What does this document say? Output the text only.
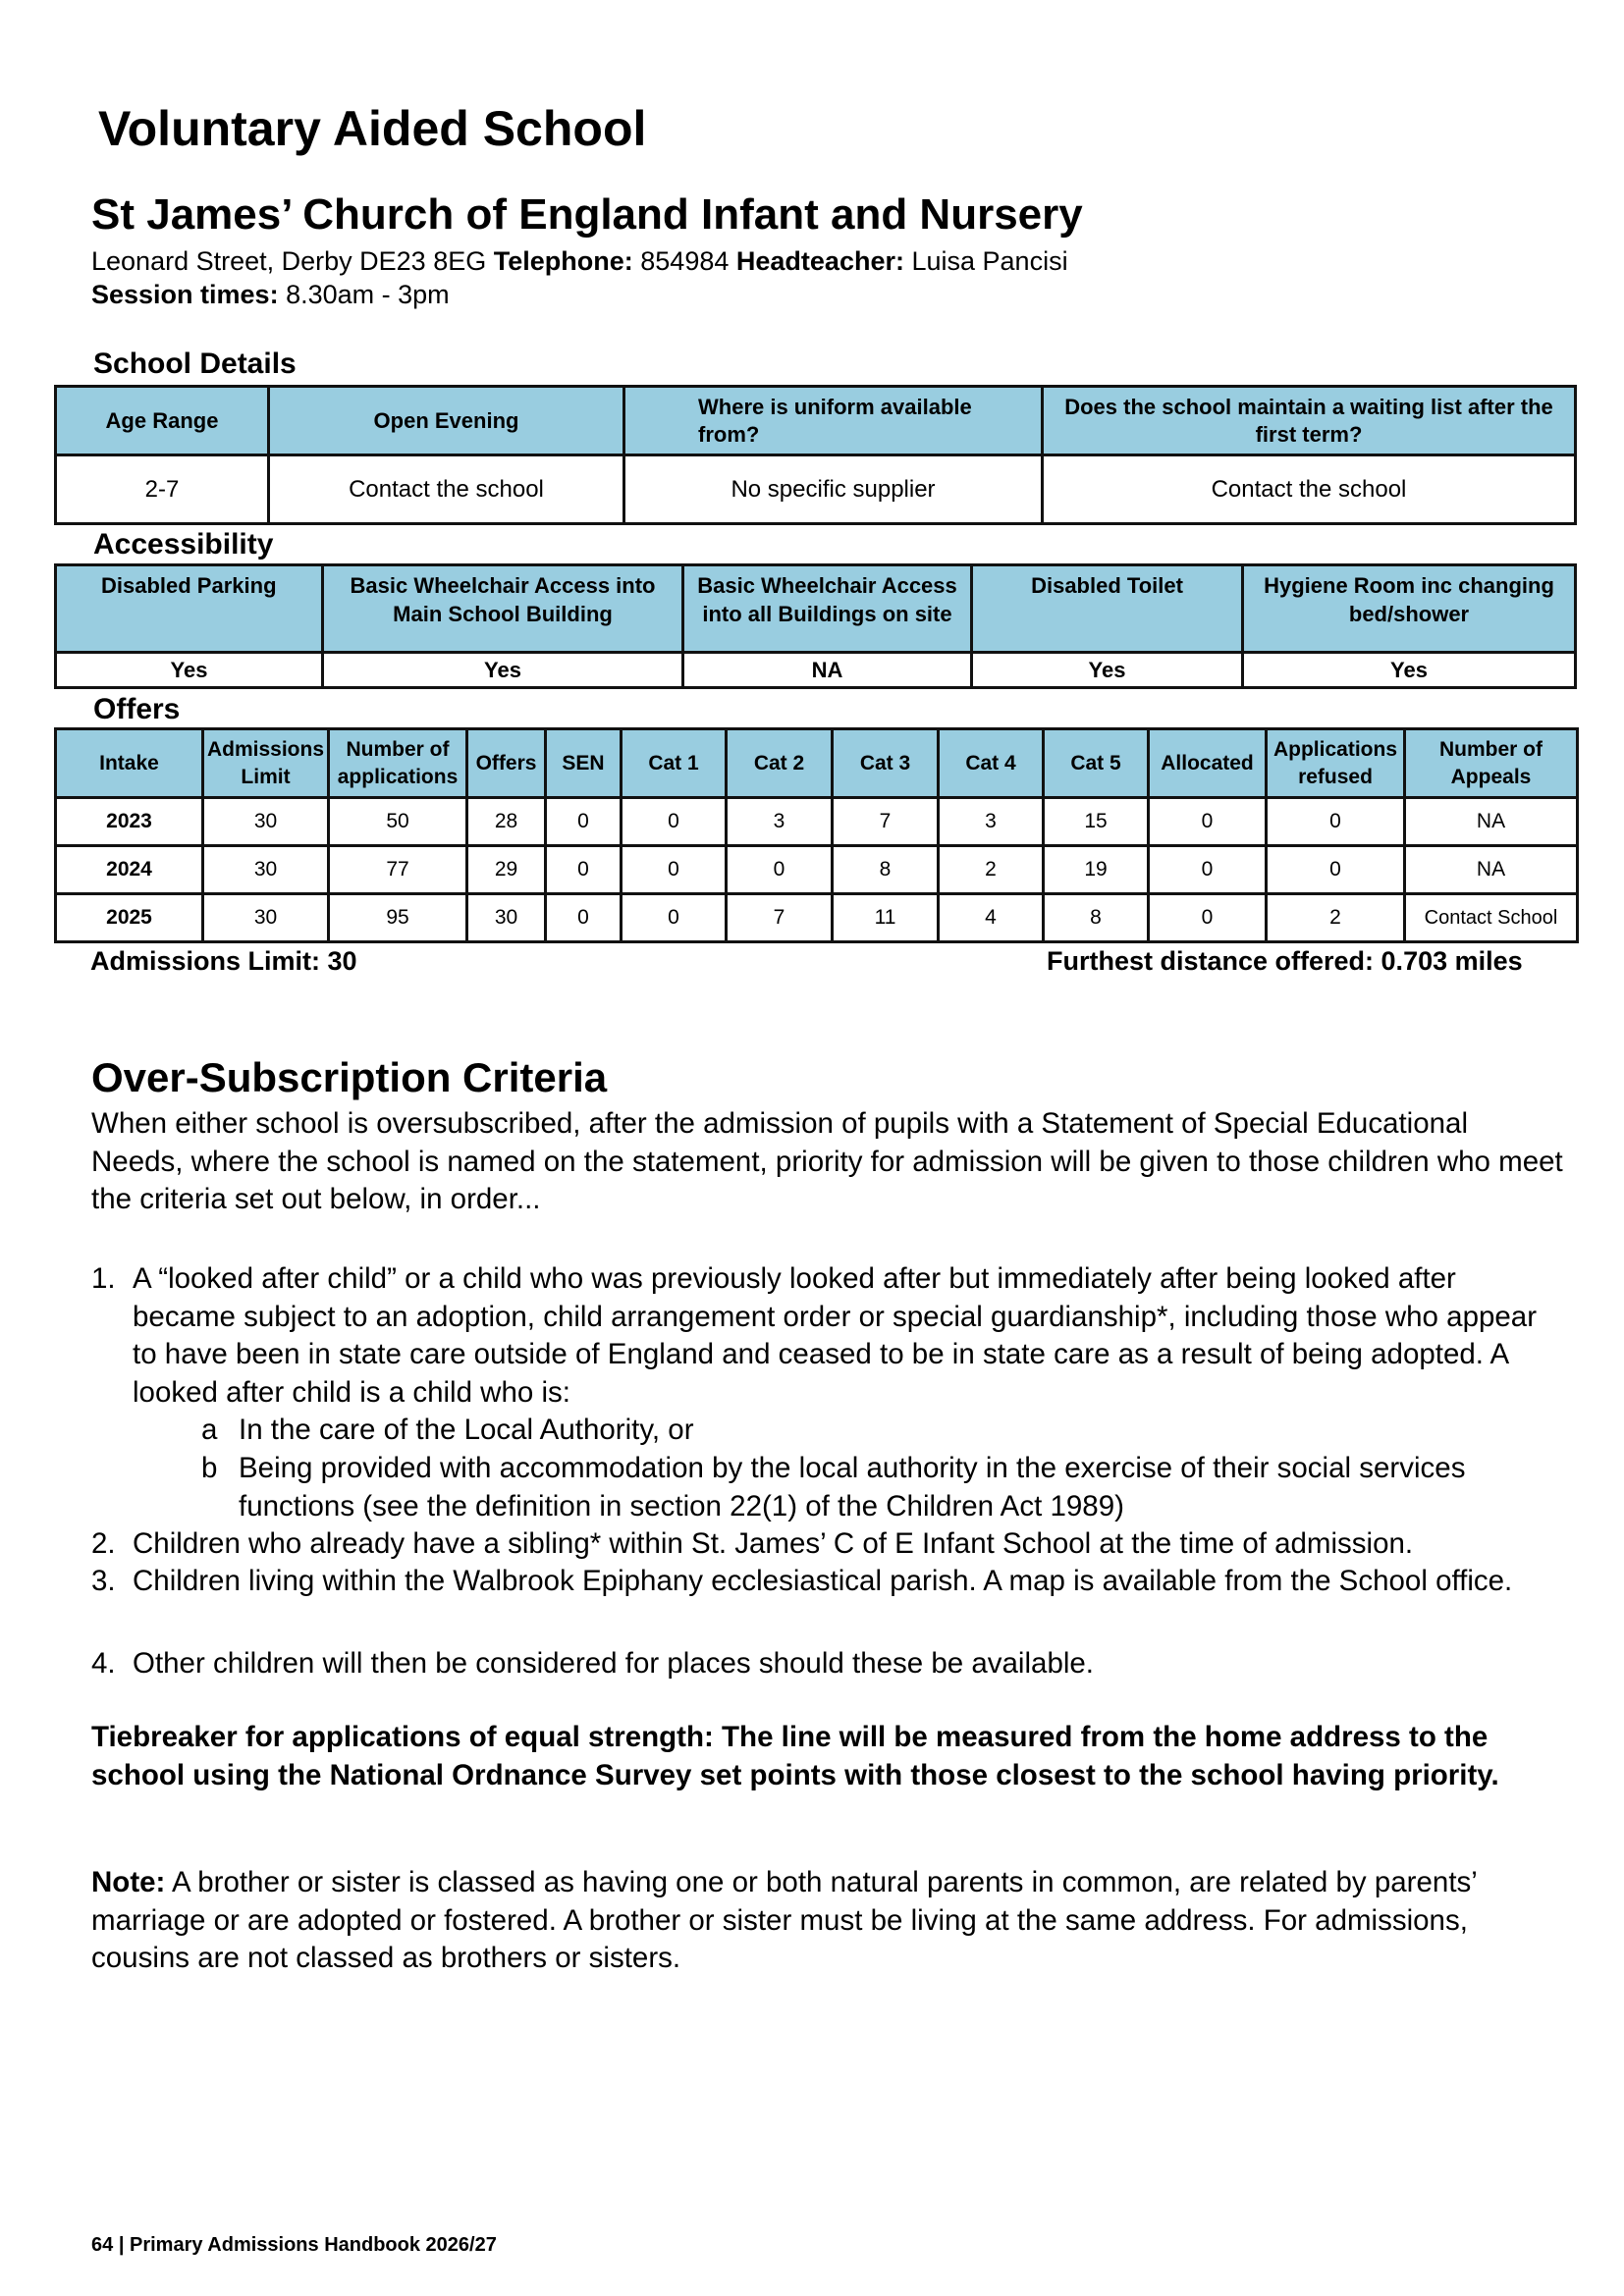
Voluntary Aided School
St James’ Church of England Infant and Nursery
Leonard Street, Derby DE23 8EG Telephone: 854984 Headteacher: Luisa Pancisi
Session times: 8.30am - 3pm
School Details
Age Range	Open Evening	Where is uniform available from?	Does the school maintain a waiting list after the first term?
2-7	Contact the school	No specific supplier	Contact the school
Accessibility
Disabled Parking	Basic Wheelchair Access into Main School Building	Basic Wheelchair Access into all Buildings on site	Disabled Toilet	Hygiene Room inc changing bed/shower
Yes	Yes	NA	Yes	Yes
Offers
Intake	Admissions Limit	Number of applications	Offers	SEN	Cat 1	Cat 2	Cat 3	Cat 4	Cat 5	Allocated	Applications refused	Number of Appeals
2023	30	50	28	0	0	3	7	3	15	0	0	NA
2024	30	77	29	0	0	0	8	2	19	0	0	NA
2025	30	95	30	0	0	7	11	4	8	0	2	Contact School
Admissions Limit: 30	Furthest distance offered: 0.703 miles
Over-Subscription Criteria
When either school is oversubscribed, after the admission of pupils with a Statement of Special Educational Needs, where the school is named on the statement, priority for admission will be given to those children who meet the criteria set out below, in order...
1. A “looked after child” or a child who was previously looked after but immediately after being looked after became subject to an adoption, child arrangement order or special guardianship*, including those who appear to have been in state care outside of England and ceased to be in state care as a result of being adopted. A looked after child is a child who is:
a In the care of the Local Authority, or
b Being provided with accommodation by the local authority in the exercise of their social services functions (see the definition in section 22(1) of the Children Act 1989)
2. Children who already have a sibling* within St. James’ C of E Infant School at the time of admission.
3. Children living within the Walbrook Epiphany ecclesiastical parish. A map is available from the School office.
4. Other children will then be considered for places should these be available.
Tiebreaker for applications of equal strength: The line will be measured from the home address to the school using the National Ordnance Survey set points with those closest to the school having priority.
Note: A brother or sister is classed as having one or both natural parents in common, are related by parents’ marriage or are adopted or fostered. A brother or sister must be living at the same address. For admissions, cousins are not classed as brothers or sisters.
64 | Primary Admissions Handbook 2026/27
